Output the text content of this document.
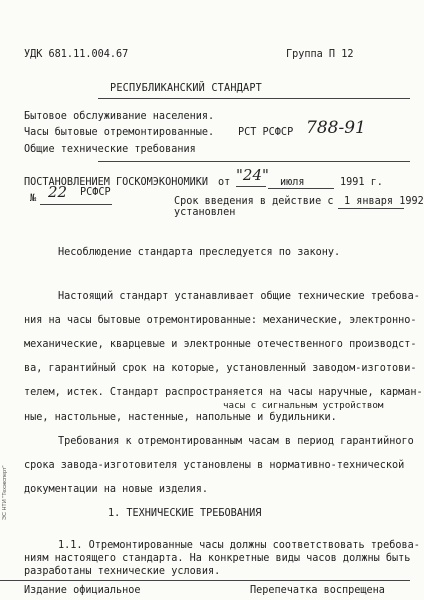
УДК 681.11.004.67	Группа П 12
РЕСПУБЛИКАНСКИЙ СТАНДАРТ
Бытовое обслуживание населения.
Часы бытовые отремонтированные.
Общие технические требования
РСТ РСФСР 788-91
ПОСТАНОВЛЕНИЕМ ГОСКОМЭКОНОМИКИ
РСФСР
№ 22
от "24" июля	1991 г.
Срок введения в действие с 1 января 1992
установлен
Несоблюдение стандарта преследуется по закону.
Настоящий стандарт устанавливает общие технические требова-
ния на часы бытовые отремонтированные: механические, электронно-
механические, кварцевые и электронные отечественного производст-
ва, гарантийный срок на которые, установленный заводом-изготови-
телем, истек. Стандарт распространяется на часы наручные, карман-
часы с сигнальным устройством
ные, настольные, настенные, напольные и будильники.
Требования к отремонтированным часам в период гарантийного
срока завода-изготовителя установлены в нормативно-технической
документации на новые изделия.
1. ТЕХНИЧЕСКИЕ ТРЕБОВАНИЯ
1.1. Отремонтированные часы должны соответствовать требова-
ниям настоящего стандарта. На конкретные виды часов должны быть
разработаны технические условия.
ЭС НТИ "Техэксперт"
Издание официальное	Перепечатка воспрещена
